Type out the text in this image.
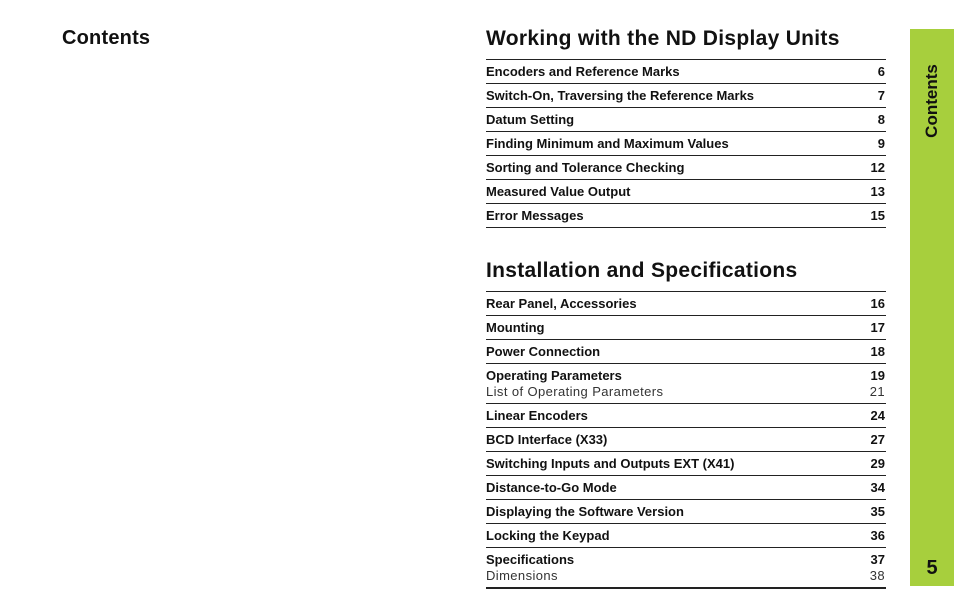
Contents	Working with the ND Display Units
Encoders and Reference Marks	6
Switch-On, Traversing the Reference Marks	7
Datum Setting	8
Finding Minimum and Maximum Values	9
Sorting and Tolerance Checking	12
Measured Value Output	13
Error Messages	15
Installation and Specifications
Rear Panel, Accessories	16
Mounting	17
Power Connection	18
Operating Parameters	19
List of Operating Parameters	21
Linear Encoders	24
BCD Interface (X33)	27
Switching Inputs and Outputs EXT (X41)	29
Distance-to-Go Mode	34
Displaying the Software Version	35
Locking the Keypad	36
Specifications	37
Dimensions	38
Contents
5
